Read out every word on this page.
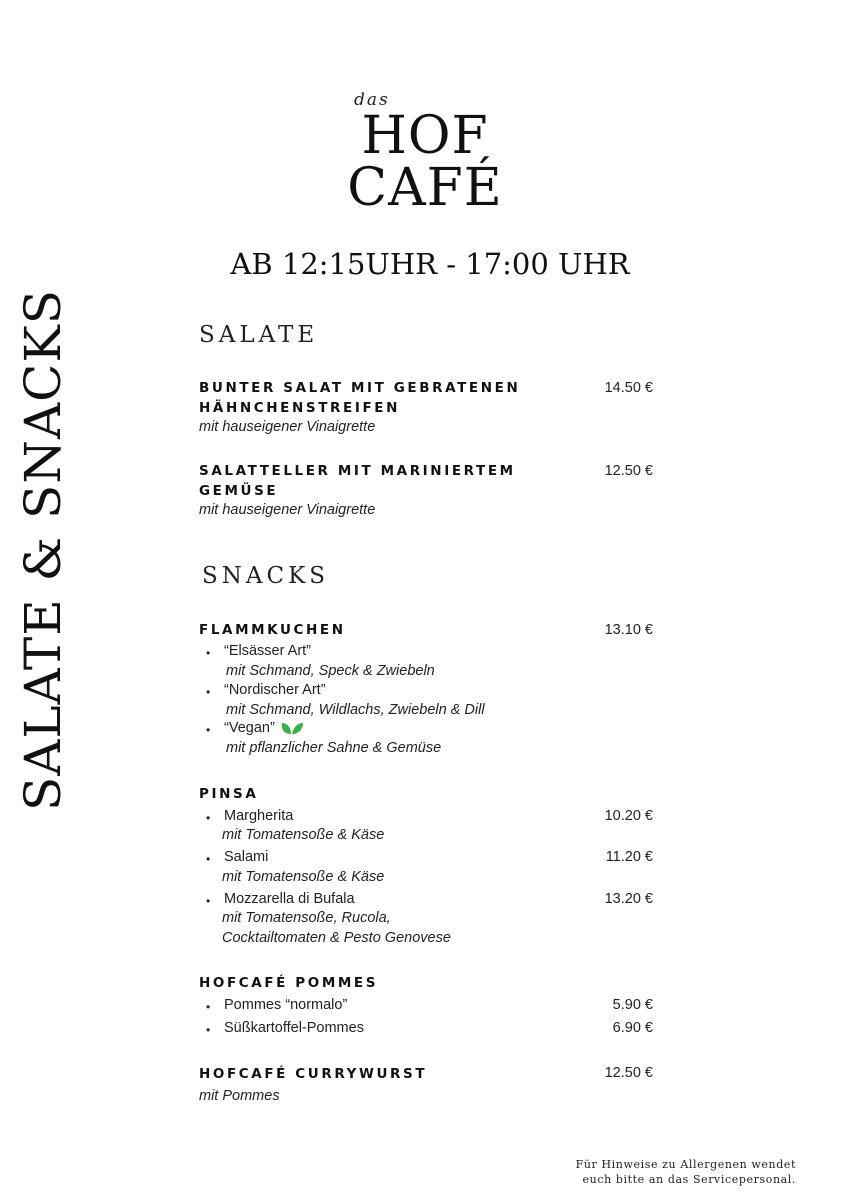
das
HOF
CAFÉ
AB 12:15UHR - 17:00 UHR
SALATE & SNACKS	SALATE
BUNTER SALAT MIT GEBRATENEN
HÄHNCHENSTREIFEN
mit hauseigener Vinaigrette
14.50 €
SALATTELLER MIT MARINIERTEM
GEMÜSE
mit hauseigener Vinaigrette
12.50 €
SNACKS
FLAMMKUCHEN	13.10 €
• “Elsässer Art”
mit Schmand, Speck & Zwiebeln
• “Nordischer Art”
mit Schmand, Wildlachs, Zwiebeln & Dill
• “Vegan”
mit pflanzlicher Sahne & Gemüse
PINSA
• Margherita
mit Tomatensoße & Käse
10.20 €
• Salami
mit Tomatensoße & Käse
11.20 €
• Mozzarella di Bufala
mit Tomatensoße, Rucola,
Cocktailtomaten & Pesto Genovese
13.20 €
HOFCAFÉ POMMES
• Pommes “normalo”	5.90 €
• Süßkartoffel-Pommes	6.90 €
HOFCAFÉ CURRYWURST	12.50 €
mit Pommes
Für Hinweise zu Allergenen wendet
euch bitte an das Servicepersonal.
